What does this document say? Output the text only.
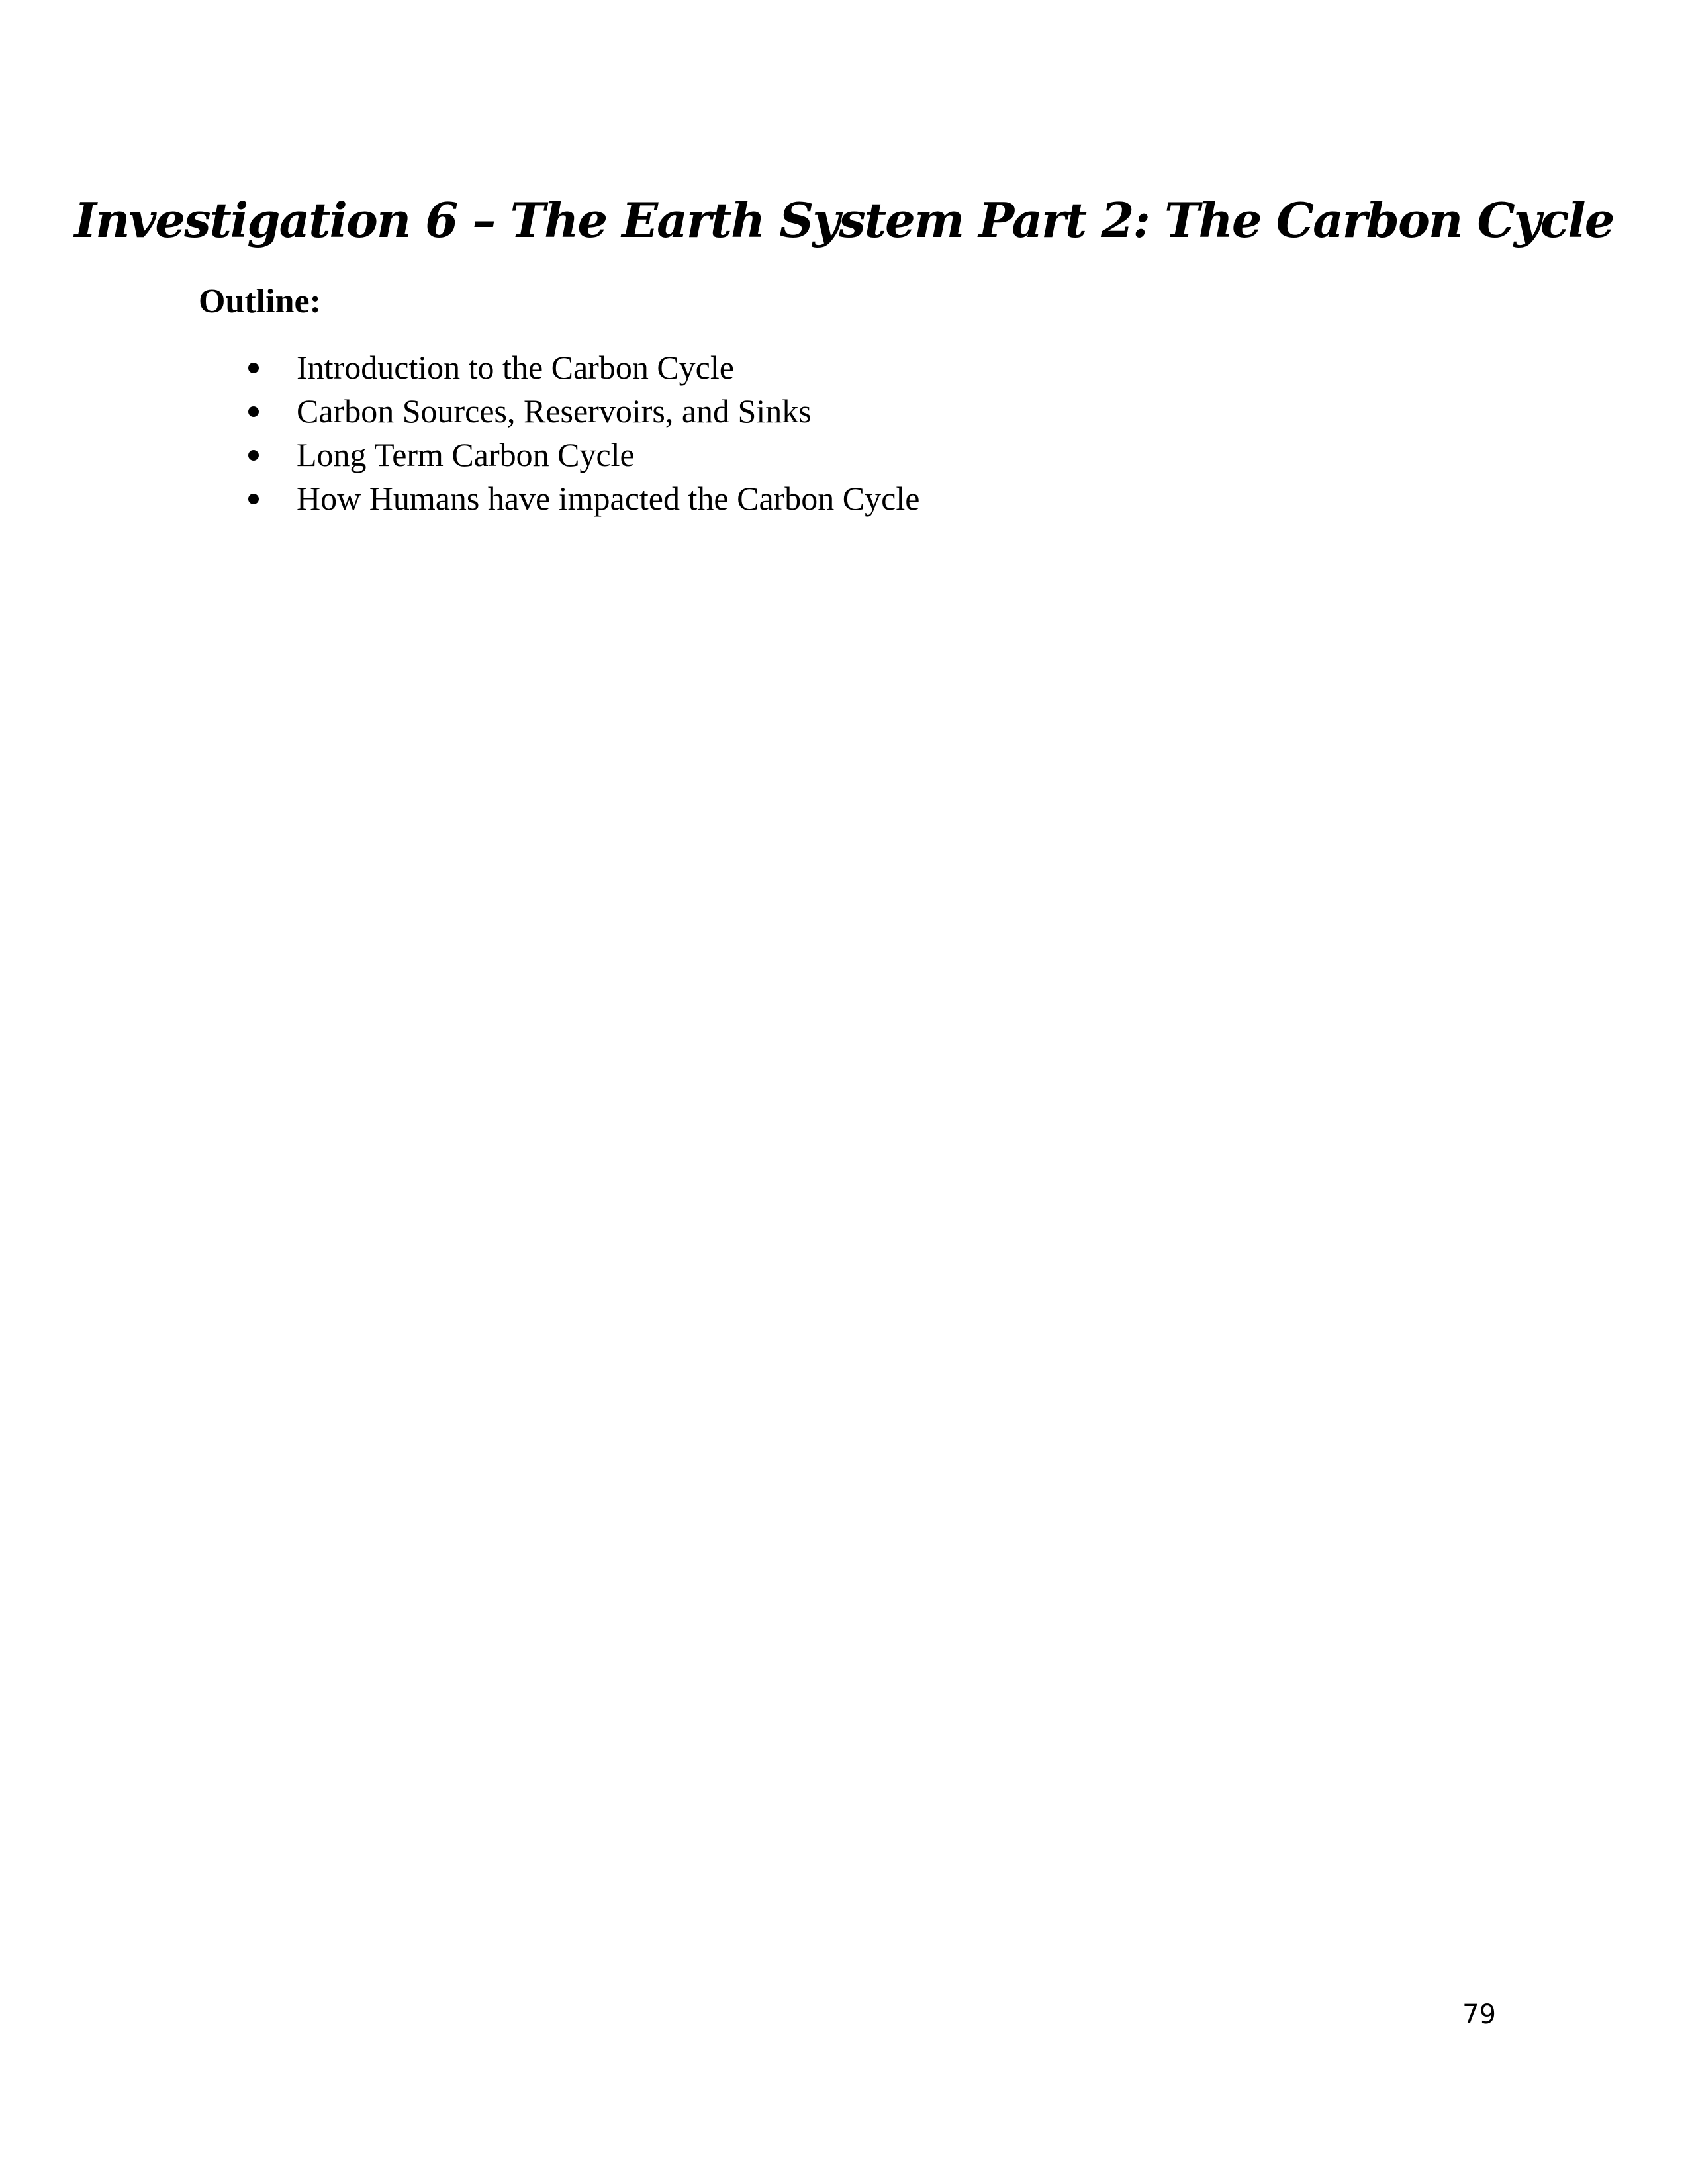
Investigation 6 – The Earth System Part 2: The Carbon Cycle
Outline:
Introduction to the Carbon Cycle
Carbon Sources, Reservoirs, and Sinks
Long Term Carbon Cycle
How Humans have impacted the Carbon Cycle
79
